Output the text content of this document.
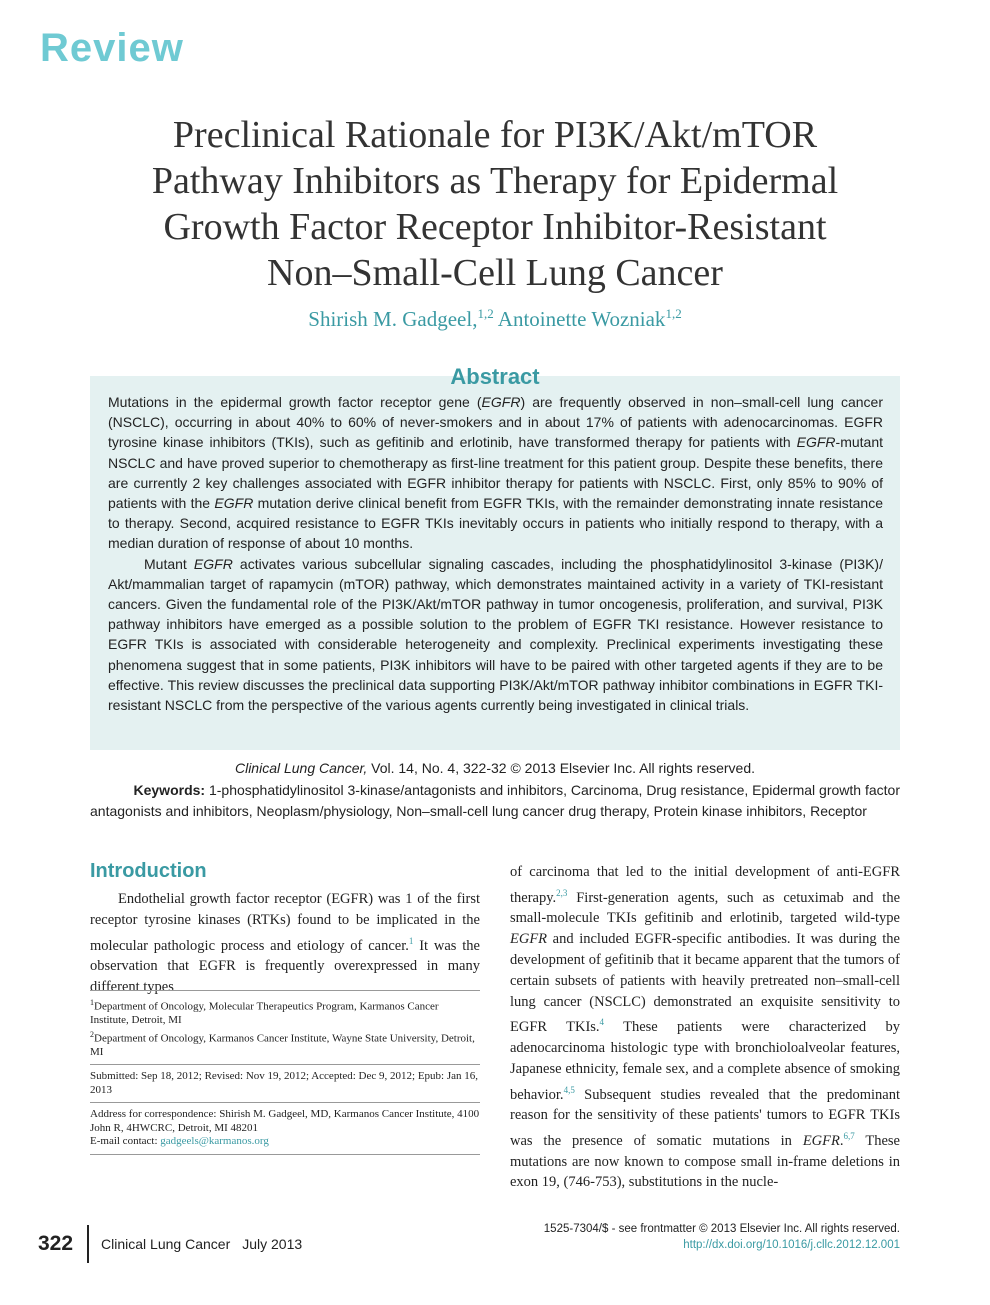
Review
Preclinical Rationale for PI3K/Akt/mTOR
Pathway Inhibitors as Therapy for Epidermal
Growth Factor Receptor Inhibitor-Resistant
Non–Small-Cell Lung Cancer
Shirish M. Gadgeel,$^{1,2}$ Antoinette Wozniak$^{1,2}$
Abstract

Mutations in the epidermal growth factor receptor gene (EGFR) are frequently observed in non–small-cell lung cancer (NSCLC), occurring in about 40% to 60% of never-smokers and in about 17% of patients with adenocarcinomas. EGFR tyrosine kinase inhibitors (TKIs), such as gefitinib and erlotinib, have transformed therapy for patients with EGFR-mutant NSCLC and have proved superior to chemotherapy as first-line treatment for this patient group. Despite these benefits, there are currently 2 key challenges associated with EGFR inhibitor therapy for patients with NSCLC. First, only 85% to 90% of patients with the EGFR mutation derive clinical benefit from EGFR TKIs, with the remainder demonstrating innate resistance to therapy. Second, acquired resistance to EGFR TKIs inevitably occurs in patients who initially respond to therapy, with a median duration of response of about 10 months.

Mutant EGFR activates various subcellular signaling cascades, including the phosphatidylinositol 3-kinase (PI3K)/ Akt/mammalian target of rapamycin (mTOR) pathway, which demonstrates maintained activity in a variety of TKI-resistant cancers. Given the fundamental role of the PI3K/Akt/mTOR pathway in tumor oncogenesis, proliferation, and survival, PI3K pathway inhibitors have emerged as a possible solution to the problem of EGFR TKI resistance. However resistance to EGFR TKIs is associated with considerable heterogeneity and complexity. Preclinical experiments investigating these phenomena suggest that in some patients, PI3K inhibitors will have to be paired with other targeted agents if they are to be effective. This review discusses the preclinical data supporting PI3K/Akt/mTOR pathway inhibitor combinations in EGFR TKI-resistant NSCLC from the perspective of the various agents currently being investigated in clinical trials.

Clinical Lung Cancer, Vol. 14, No. 4, 322-32 © 2013 Elsevier Inc. All rights reserved.
Keywords: 1-phosphatidylinositol 3-kinase/antagonists and inhibitors, Carcinoma, Drug resistance, Epidermal growth factor
antagonists and inhibitors, Neoplasm/physiology, Non–small-cell lung cancer drug therapy, Protein kinase inhibitors, Receptor
Introduction

Endothelial growth factor receptor (EGFR) was 1 of the first receptor tyrosine kinases (RTKs) found to be implicated in the molecular pathologic process and etiology of cancer.$^1$ It was the observation that EGFR is frequently overexpressed in many different types

$^1$Department of Oncology, Molecular Therapeutics Program, Karmanos Cancer Institute, Detroit, MI
$^2$Department of Oncology, Karmanos Cancer Institute, Wayne State University, Detroit, MI
Submitted: Sep 18, 2012; Revised: Nov 19, 2012; Accepted: Dec 9, 2012; Epub: Jan 16, 2013
Address for correspondence: Shirish M. Gadgeel, MD, Karmanos Cancer Institute, 4100 John R, 4HWCRC, Detroit, MI 48201
E-mail contact: gadgeels@karmanos.org

of carcinoma that led to the initial development of anti-EGFR therapy.$^{2,3}$ First-generation agents, such as cetuximab and the small-molecule TKIs gefitinib and erlotinib, targeted wild-type EGFR and included EGFR-specific antibodies. It was during the development of gefitinib that it became apparent that the tumors of certain subsets of patients with heavily pretreated non–small-cell lung cancer (NSCLC) demonstrated an exquisite sensitivity to EGFR TKIs.$^4$ These patients were characterized by adenocarcinoma histologic type with bronchioloalveolar features, Japanese ethnicity, female sex, and a complete absence of smoking behavior.$^{4,5}$ Subsequent studies revealed that the predominant reason for the sensitivity of these patients' tumors to EGFR TKIs was the presence of somatic mutations in EGFR.$^{6,7}$ These mutations are now known to compose small in-frame deletions in exon 19, (746-753), substitutions in the nucle-

322 Clinical Lung Cancer July 2013
1525-7304/$ - see frontmatter © 2013 Elsevier Inc. All rights reserved.
http://dx.doi.org/10.1016/j.cllc.2012.12.001
